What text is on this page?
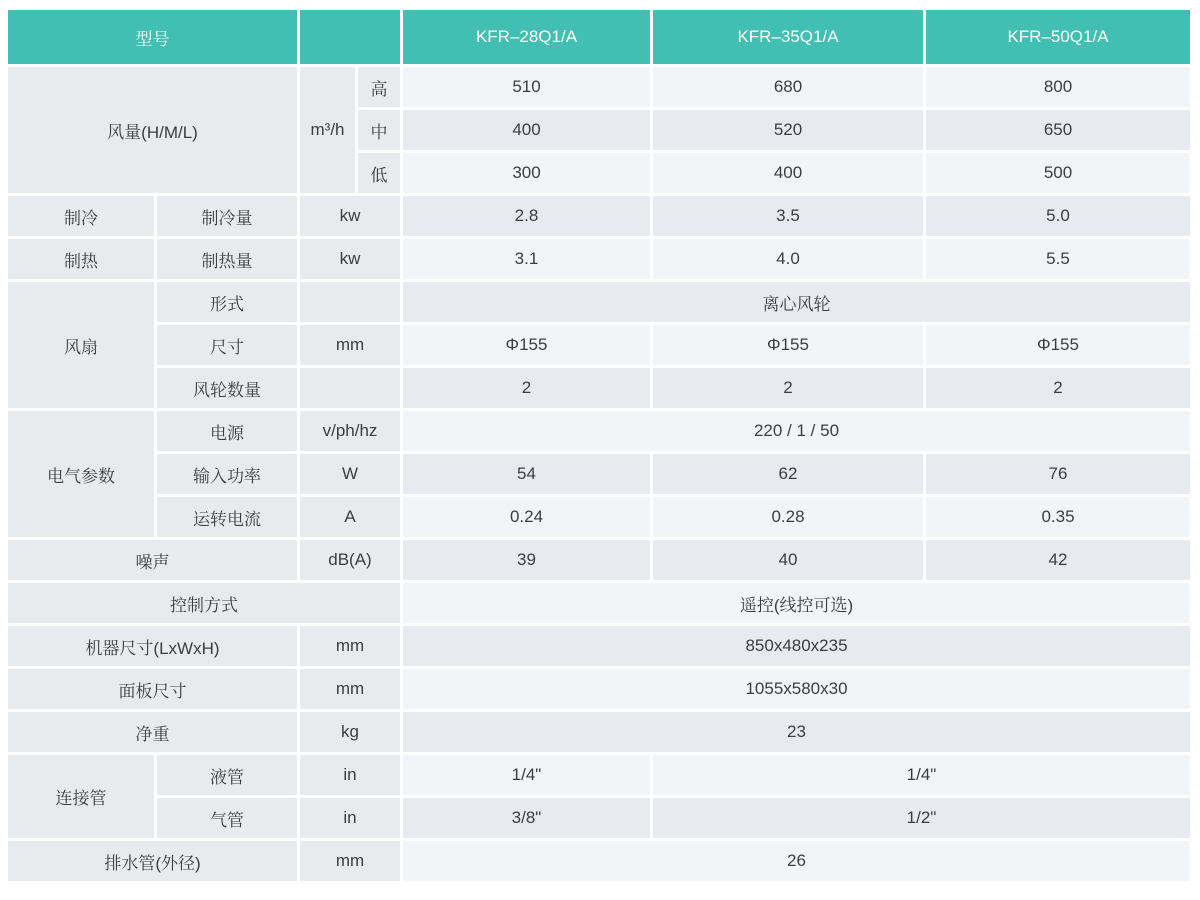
型号				KFR–28Q1/A	KFR–35Q1/A	KFR–50Q1/A
风量(H/M/L)		m³/h	高	510	680	800
			中	400	520	650
			低	300	400	500
制冷	制冷量	kw		2.8	3.5	5.0
制热	制热量	kw		3.1	4.0	5.5
风扇	形式			离心风轮		
	尺寸	mm		Φ155	Φ155	Φ155
	风轮数量			2	2	2
电气参数	电源	v/ph/hz		220 / 1 / 50		
	输入功率	W		54	62	76
	运转电流	A		0.24	0.28	0.35
噪声		dB(A)		39	40	42
控制方式				遥控(线控可选)		
机器尺寸(LxWxH)		mm		850x480x235		
面板尺寸		mm		1055x580x30		
净重		kg		23		
连接管	液管	in		1/4"	1/4"	
	气管	in		3/8"	1/2"	
排水管(外径)		mm		26		
